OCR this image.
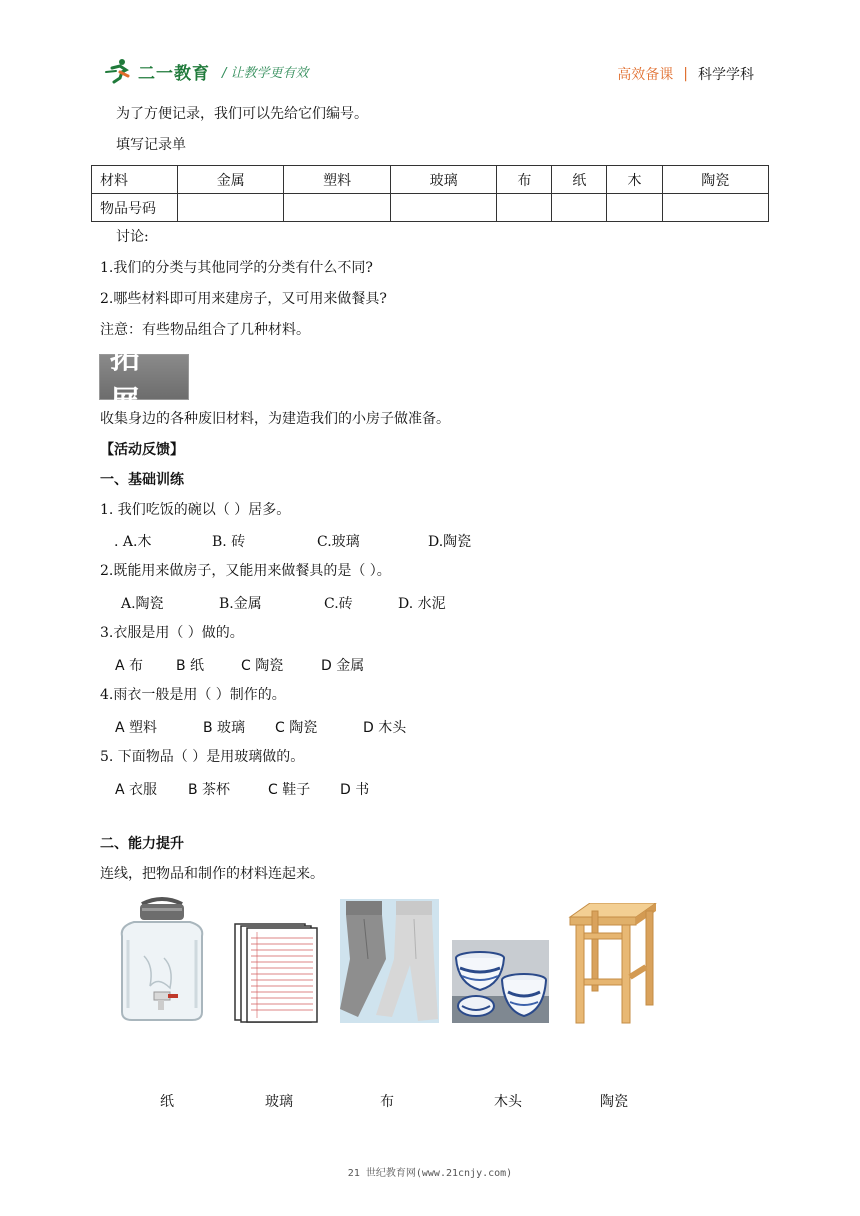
二一教育 / 让教学更有效	高效备课 | 科学学科
为了方便记录，我们可以先给它们编号。
填写记录单
材料	金属	塑料	玻璃	布	纸	木	陶瓷
物品号码							
讨论:
1.我们的分类与其他同学的分类有什么不同?
2.哪些材料即可用来建房子，又可用来做餐具?
注意：有些物品组合了几种材料。
拓展
收集身边的各种废旧材料，为建造我们的小房子做准备。
【活动反馈】
一、基础训练
1. 我们吃饭的碗以（ ）居多。
. A.木	B. 砖	C.玻璃	D.陶瓷
2.既能用来做房子，又能用来做餐具的是（ ）。
A.陶瓷	B.金属	C.砖	D. 水泥
3.衣服是用（ ）做的。
A 布 B 纸	C 陶瓷	D 金属
4.雨衣一般是用（ ）制作的。
A 塑料	B 玻璃 C 陶瓷	D 木头
5. 下面物品（ ）是用玻璃做的。
A 衣服 B 茶杯	C 鞋子 D 书
二、能力提升
连线，把物品和制作的材料连起来。
纸	玻璃	布	木头	陶瓷
21 世纪教育网(www.21cnjy.com)
